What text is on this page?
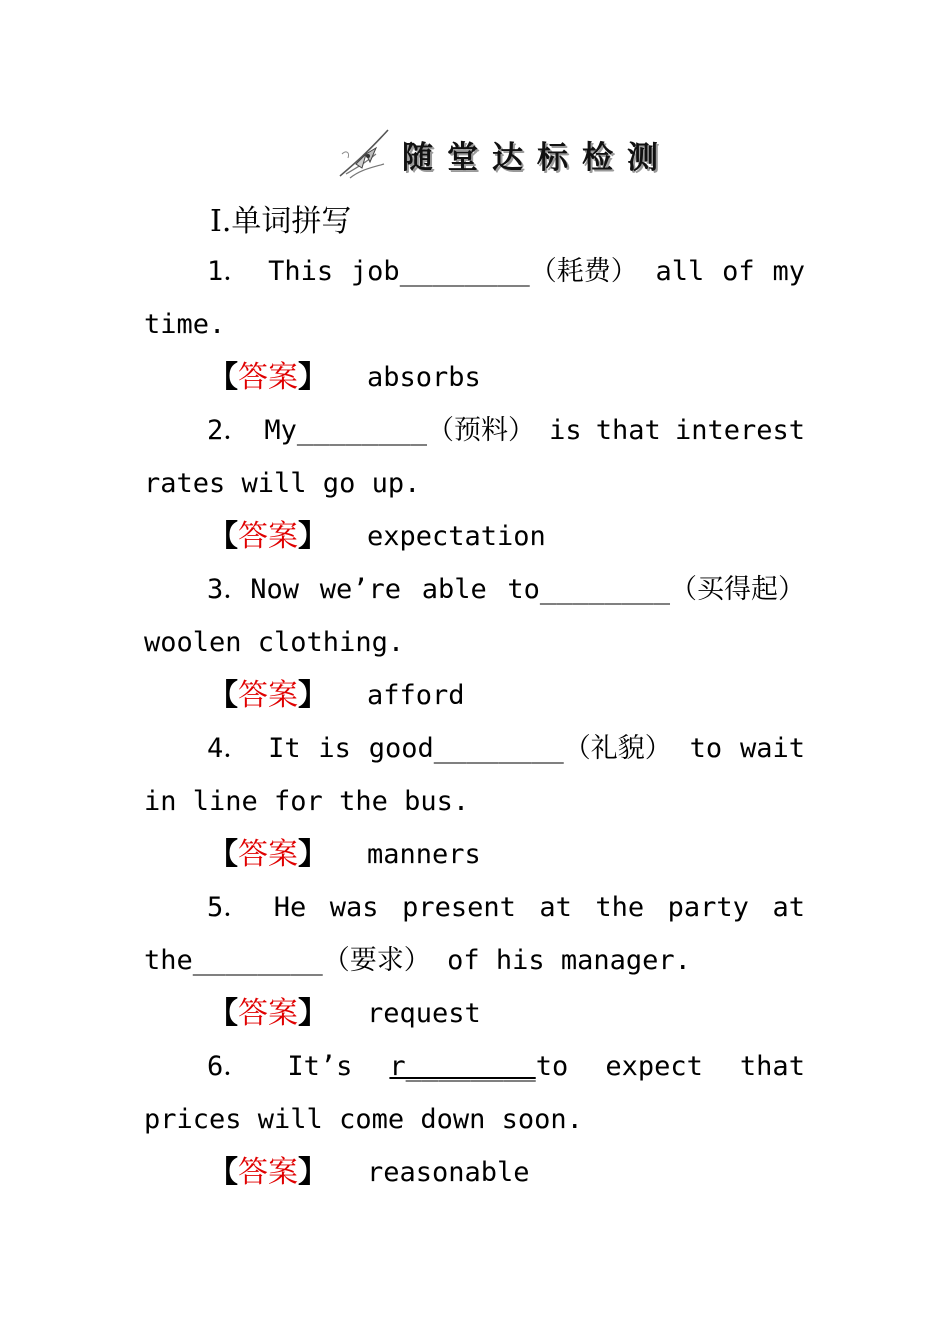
随堂达标检测
Ⅰ.单词拼写
1． This job________（耗费） all of my
time.
【答案】 absorbs
2． My________（预料） is that interest
rates will go up.
【答案】 expectation
3．Now we’re able to________（买得起）
woolen clothing.
【答案】 afford
4． It is good________（礼貌） to wait
in line for the bus.
【答案】 manners
5． He was present at the party at
the________（要求） of his manager.
【答案】 request
6． It’s r________to expect that
prices will come down soon.
【答案】 reasonable
